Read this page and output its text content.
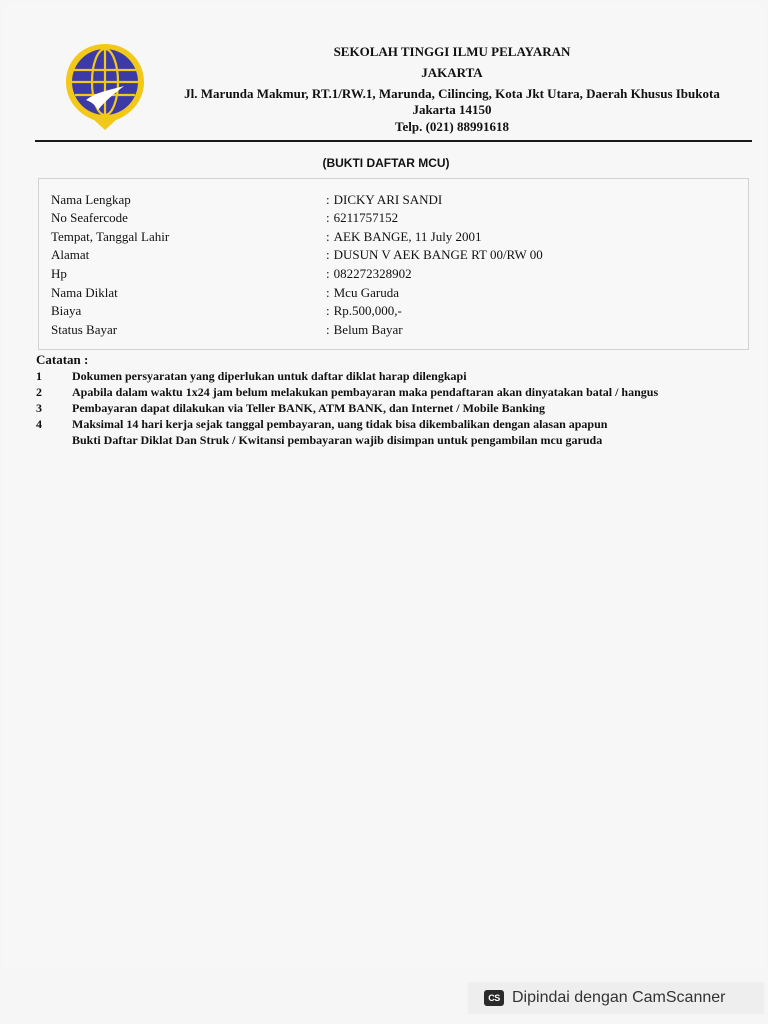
SEKOLAH TINGGI ILMU PELAYARAN
JAKARTA
Jl. Marunda Makmur, RT.1/RW.1, Marunda, Cilincing, Kota Jkt Utara, Daerah Khusus Ibukota
Jakarta 14150
Telp. (021) 88991618
(BUKTI DAFTAR MCU)
Nama Lengkap	: DICKY ARI SANDI
No Seafercode	: 6211757152
Tempat, Tanggal Lahir	: AEK BANGE, 11 July 2001
Alamat	: DUSUN V AEK BANGE RT 00/RW 00
Hp	: 082272328902
Nama Diklat	: Mcu Garuda
Biaya	: Rp.500,000,-
Status Bayar	: Belum Bayar
Catatan :
1	Dokumen persyaratan yang diperlukan untuk daftar diklat harap dilengkapi
2	Apabila dalam waktu 1x24 jam belum melakukan pembayaran maka pendaftaran akan dinyatakan batal / hangus
3	Pembayaran dapat dilakukan via Teller BANK, ATM BANK, dan Internet / Mobile Banking
4	Maksimal 14 hari kerja sejak tanggal pembayaran, uang tidak bisa dikembalikan dengan alasan apapun
Bukti Daftar Diklat Dan Struk / Kwitansi pembayaran wajib disimpan untuk pengambilan mcu garuda
CS Dipindai dengan CamScanner
